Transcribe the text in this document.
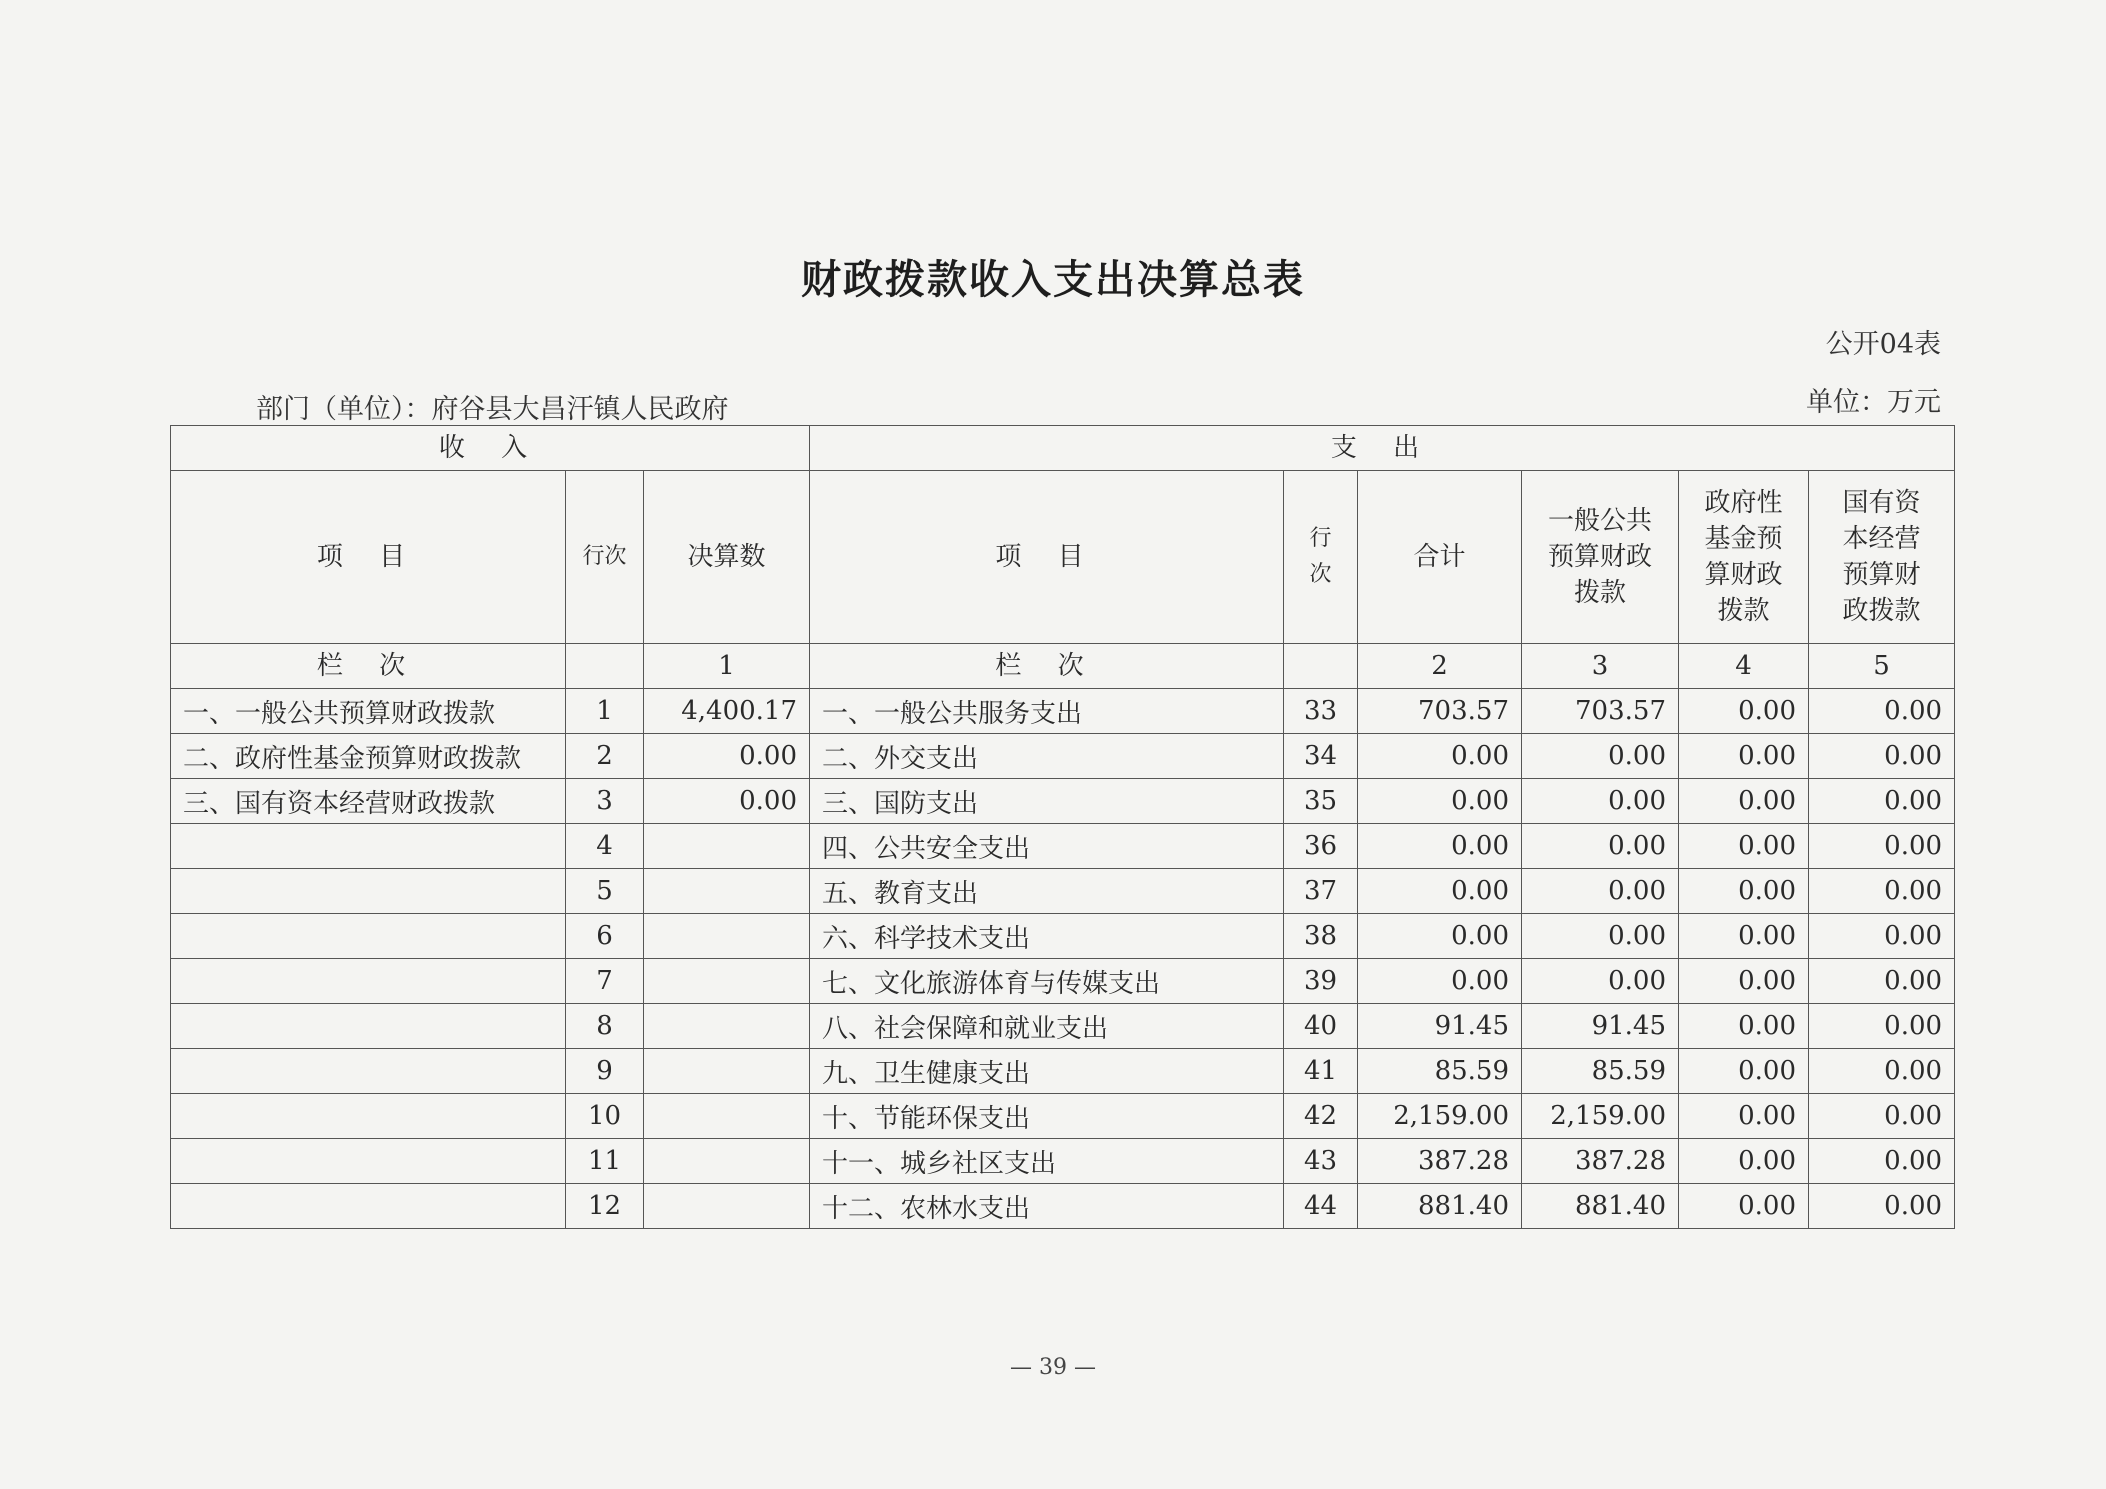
财政拨款收入支出决算总表
公开04表
部门（单位）：府谷县大昌汗镇人民政府	单位：万元
收 入			支 出					
项 目	行次	决算数	项 目	行次	合计	一般公共预算财政拨款	政府性基金预算财政拨款	国有资本经营预算财政拨款
栏 次		1	栏 次		2	3	4	5
一、一般公共预算财政拨款	1	4,400.17	一、一般公共服务支出	33	703.57	703.57	0.00	0.00
二、政府性基金预算财政拨款	2	0.00	二、外交支出	34	0.00	0.00	0.00	0.00
三、国有资本经营财政拨款	3	0.00	三、国防支出	35	0.00	0.00	0.00	0.00
	4		四、公共安全支出	36	0.00	0.00	0.00	0.00
	5		五、教育支出	37	0.00	0.00	0.00	0.00
	6		六、科学技术支出	38	0.00	0.00	0.00	0.00
	7		七、文化旅游体育与传媒支出	39	0.00	0.00	0.00	0.00
	8		八、社会保障和就业支出	40	91.45	91.45	0.00	0.00
	9		九、卫生健康支出	41	85.59	85.59	0.00	0.00
	10		十、节能环保支出	42	2,159.00	2,159.00	0.00	0.00
	11		十一、城乡社区支出	43	387.28	387.28	0.00	0.00
	12		十二、农林水支出	44	881.40	881.40	0.00	0.00
— 39 —
